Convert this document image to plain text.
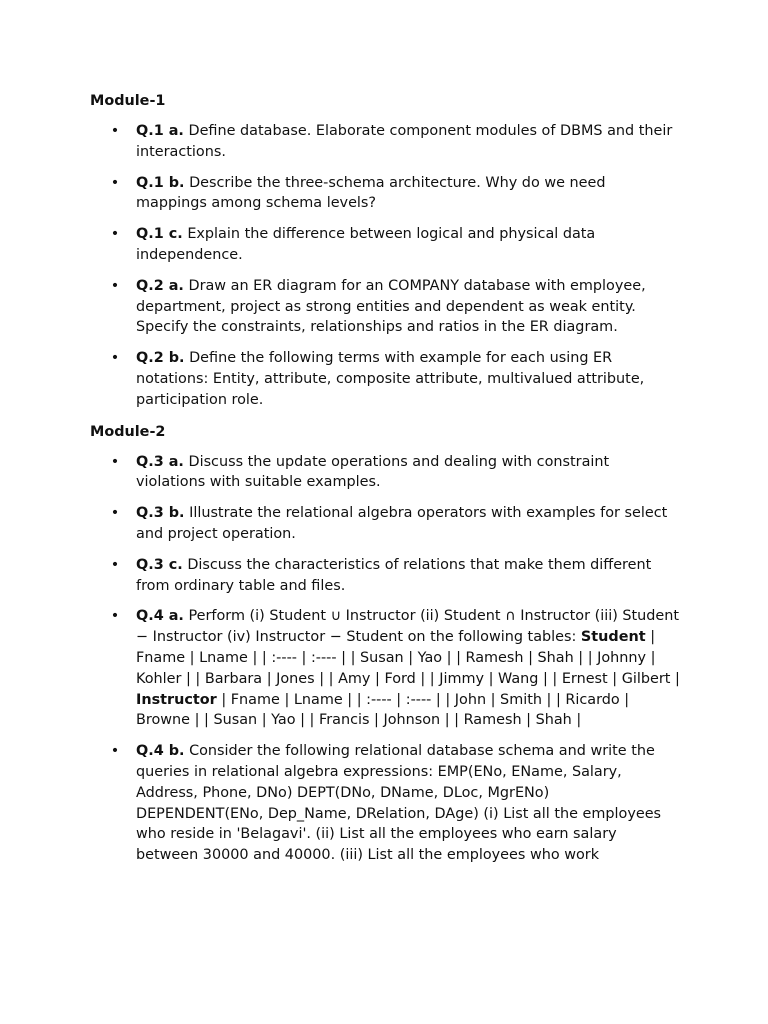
Module-1
• Q.1 a. Define database. Elaborate component modules of DBMS and their interactions.
• Q.1 b. Describe the three-schema architecture. Why do we need mappings among schema levels?
• Q.1 c. Explain the difference between logical and physical data independence.
• Q.2 a. Draw an ER diagram for an COMPANY database with employee, department, project as strong entities and dependent as weak entity. Specify the constraints, relationships and ratios in the ER diagram.
• Q.2 b. Define the following terms with example for each using ER notations: Entity, attribute, composite attribute, multivalued attribute, participation role.
Module-2
• Q.3 a. Discuss the update operations and dealing with constraint violations with suitable examples.
• Q.3 b. Illustrate the relational algebra operators with examples for select and project operation.
• Q.3 c. Discuss the characteristics of relations that make them different from ordinary table and files.
• Q.4 a. Perform (i) Student ∪ Instructor (ii) Student ∩ Instructor (iii) Student − Instructor (iv) Instructor − Student on the following tables: Student | Fname | Lname | | :---- | :---- | | Susan | Yao | | Ramesh | Shah | | Johnny | Kohler | | Barbara | Jones | | Amy | Ford | | Jimmy | Wang | | Ernest | Gilbert | Instructor | Fname | Lname | | :---- | :---- | | John | Smith | | Ricardo | Browne | | Susan | Yao | | Francis | Johnson | | Ramesh | Shah |
• Q.4 b. Consider the following relational database schema and write the queries in relational algebra expressions: EMP(ENo, EName, Salary, Address, Phone, DNo) DEPT(DNo, DName, DLoc, MgrENo) DEPENDENT(ENo, Dep_Name, DRelation, DAge) (i) List all the employees who reside in 'Belagavi'. (ii) List all the employees who earn salary between 30000 and 40000. (iii) List all the employees who work
